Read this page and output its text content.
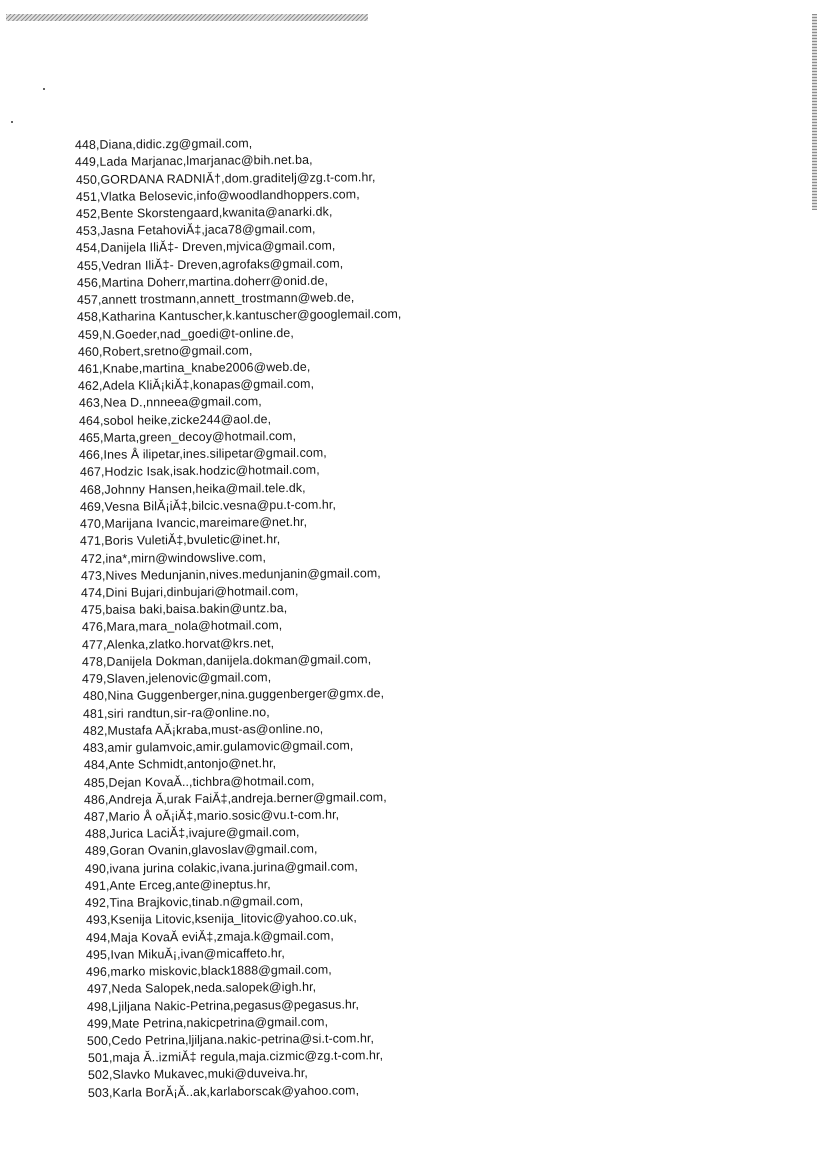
448,Diana,didic.zg@gmail.com,
449,Lada Marjanac,lmarjanac@bih.net.ba,
450,GORDANA RADNIĂ†,dom.graditelj@zg.t-com.hr,
451,Vlatka Belosevic,info@woodlandhoppers.com,
452,Bente Skorstengaard,kwanita@anarki.dk,
453,Jasna FetahoviĂ‡,jaca78@gmail.com,
454,Danijela IliĂ‡- Dreven,mjvica@gmail.com,
455,Vedran IliĂ‡- Dreven,agrofaks@gmail.com,
456,Martina Doherr,martina.doherr@onid.de,
457,annett trostmann,annett_trostmann@web.de,
458,Katharina Kantuscher,k.kantuscher@googlemail.com,
459,N.Goeder,nad_goedi@t-online.de,
460,Robert,sretno@gmail.com,
461,Knabe,martina_knabe2006@web.de,
462,Adela KliĂ¡kiĂ‡,konapas@gmail.com,
463,Nea D.,nnneea@gmail.com,
464,sobol heike,zicke244@aol.de,
465,Marta,green_decoy@hotmail.com,
466,Ines Å ilipetar,ines.silipetar@gmail.com,
467,Hodzic Isak,isak.hodzic@hotmail.com,
468,Johnny Hansen,heika@mail.tele.dk,
469,Vesna BilĂ¡iĂ‡,bilcic.vesna@pu.t-com.hr,
470,Marijana Ivancic,mareimare@net.hr,
471,Boris VuletiĂ‡,bvuletic@inet.hr,
472,ina*,mirn@windowslive.com,
473,Nives Medunjanin,nives.medunjanin@gmail.com,
474,Dini Bujari,dinbujari@hotmail.com,
475,baisa baki,baisa.bakin@untz.ba,
476,Mara,mara_nola@hotmail.com,
477,Alenka,zlatko.horvat@krs.net,
478,Danijela Dokman,danijela.dokman@gmail.com,
479,Slaven,jelenovic@gmail.com,
480,Nina Guggenberger,nina.guggenberger@gmx.de,
481,siri randtun,sir-ra@online.no,
482,Mustafa AĂ¡kraba,must-as@online.no,
483,amir gulamvoic,amir.gulamovic@gmail.com,
484,Ante Schmidt,antonjo@net.hr,
485,Dejan KovaĂ..,tichbra@hotmail.com,
486,Andreja Ă‚urak FaiĂ‡,andreja.berner@gmail.com,
487,Mario Å oĂ¡iĂ‡,mario.sosic@vu.t-com.hr,
488,Jurica LaciĂ‡,ivajure@gmail.com,
489,Goran Ovanin,glavoslav@gmail.com,
490,ivana jurina colakic,ivana.jurina@gmail.com,
491,Ante Erceg,ante@ineptus.hr,
492,Tina Brajkovic,tinab.n@gmail.com,
493,Ksenija Litovic,ksenija_litovic@yahoo.co.uk,
494,Maja KovaĂ eviĂ‡,zmaja.k@gmail.com,
495,Ivan MikuĂ¡,ivan@micaffeto.hr,
496,marko miskovic,black1888@gmail.com,
497,Neda Salopek,neda.salopek@igh.hr,
498,Ljiljana Nakic-Petrina,pegasus@pegasus.hr,
499,Mate Petrina,nakicpetrina@gmail.com,
500,Cedo Petrina,ljiljana.nakic-petrina@si.t-com.hr,
501,maja Ă..izmiĂ‡ regula,maja.cizmic@zg.t-com.hr,
502,Slavko Mukavec,muki@duveiva.hr,
503,Karla BorĂ¡Ă..ak,karlaborscak@yahoo.com,
